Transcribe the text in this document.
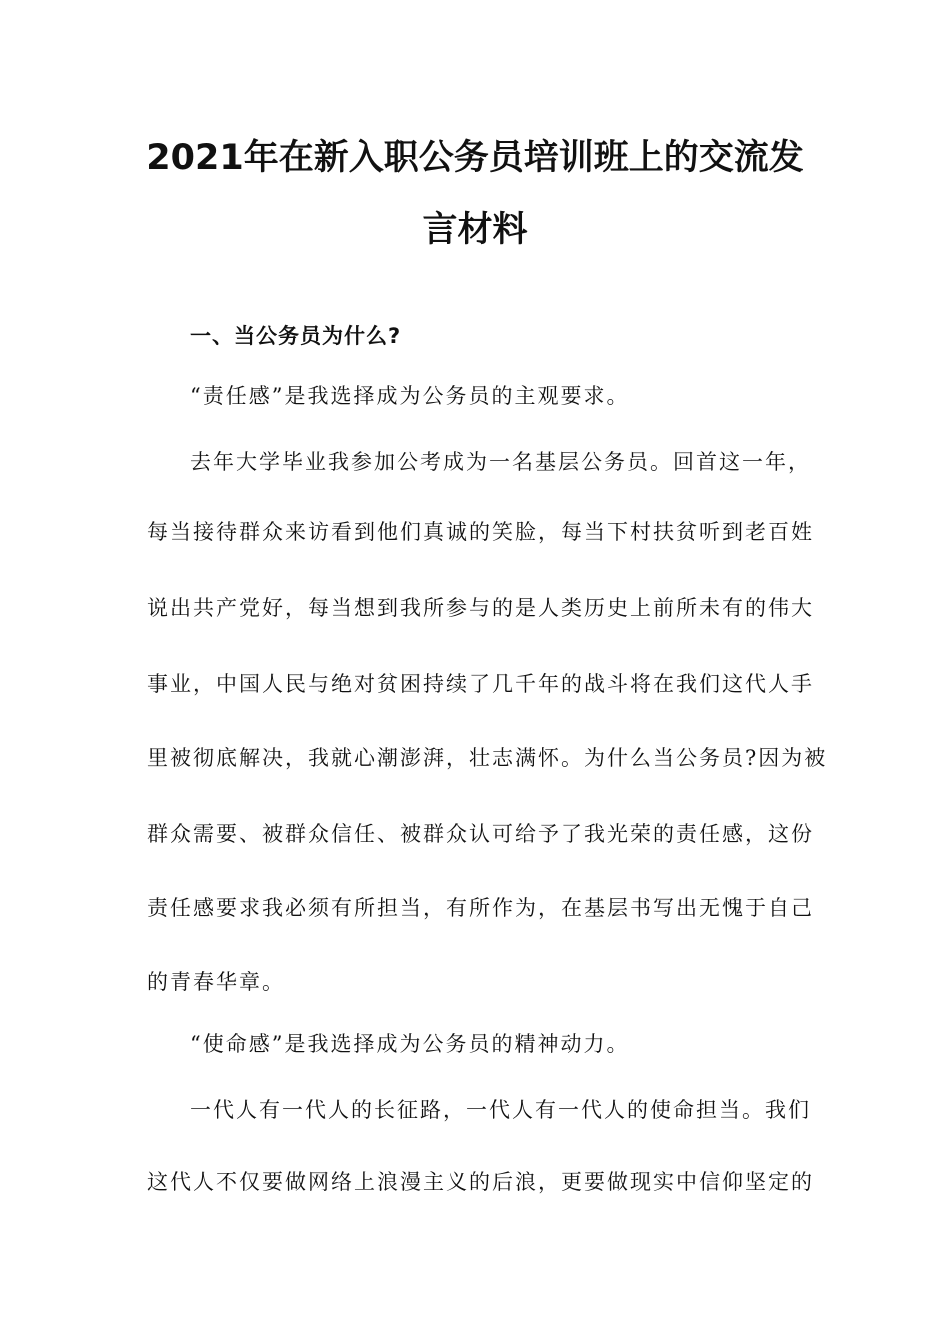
2021年在新入职公务员培训班上的交流发
言材料
一、当公务员为什么?
“责任感”是我选择成为公务员的主观要求。
去年大学毕业我参加公考成为一名基层公务员。回首这一年，
每当接待群众来访看到他们真诚的笑脸，每当下村扶贫听到老百姓
说出共产党好，每当想到我所参与的是人类历史上前所未有的伟大
事业，中国人民与绝对贫困持续了几千年的战斗将在我们这代人手
里被彻底解决，我就心潮澎湃，壮志满怀。为什么当公务员?因为被
群众需要、被群众信任、被群众认可给予了我光荣的责任感，这份
责任感要求我必须有所担当，有所作为，在基层书写出无愧于自己
的青春华章。
“使命感”是我选择成为公务员的精神动力。
一代人有一代人的长征路，一代人有一代人的使命担当。我们
这代人不仅要做网络上浪漫主义的后浪，更要做现实中信仰坚定的
